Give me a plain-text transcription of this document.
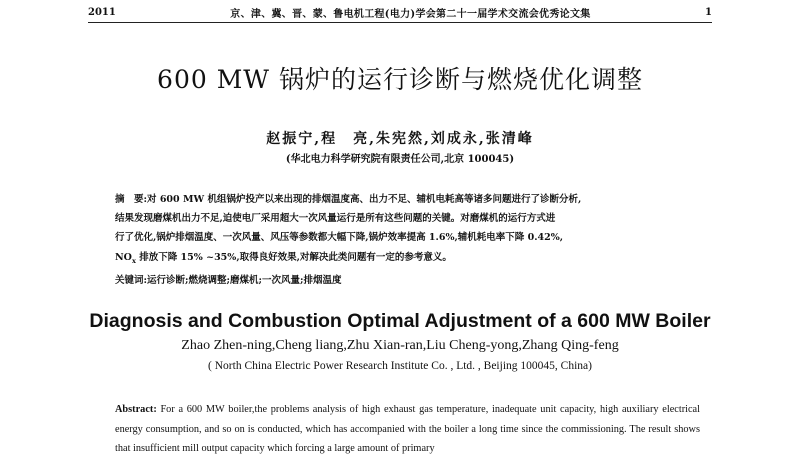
2011	京、津、冀、晋、蒙、鲁电机工程(电力)学会第二十一届学术交流会优秀论文集	1
600 MW 锅炉的运行诊断与燃烧优化调整
赵振宁,程　亮,朱宪然,刘成永,张清峰
(华北电力科学研究院有限责任公司,北京 100045)

摘　要:对 600 MW 机组锅炉投产以来出现的排烟温度高、出力不足、辅机电耗高等诸多问题进行了诊断分析,

结果发现磨煤机出力不足,迫使电厂采用超大一次风量运行是所有这些问题的关键。对磨煤机的运行方式进

行了优化,锅炉排烟温度、一次风量、风压等参数都大幅下降,锅炉效率提高 1.6%,辅机耗电率下降 0.42%,

$NO_x$ 排放下降 15% ~35%,取得良好效果,对解决此类问题有一定的参考意义。

关键词:运行诊断;燃烧调整;磨煤机;一次风量;排烟温度

Diagnosis and Combustion Optimal Adjustment of a 600 MW Boiler
Zhao Zhen-ning,Cheng liang,Zhu Xian-ran,Liu Cheng-yong,Zhang Qing-feng
( North China Electric Power Research Institute Co. , Ltd. , Beijing 100045, China)
Abstract: For a 600 MW boiler,the problems analysis of high exhaust gas temperature, inadequate unit capacity, high auxiliary electrical energy consumption, and so on is conducted, which has accompanied with the boiler a long time since the commissioning. The result shows that insufficient mill output capacity which forcing a large amount of primary
